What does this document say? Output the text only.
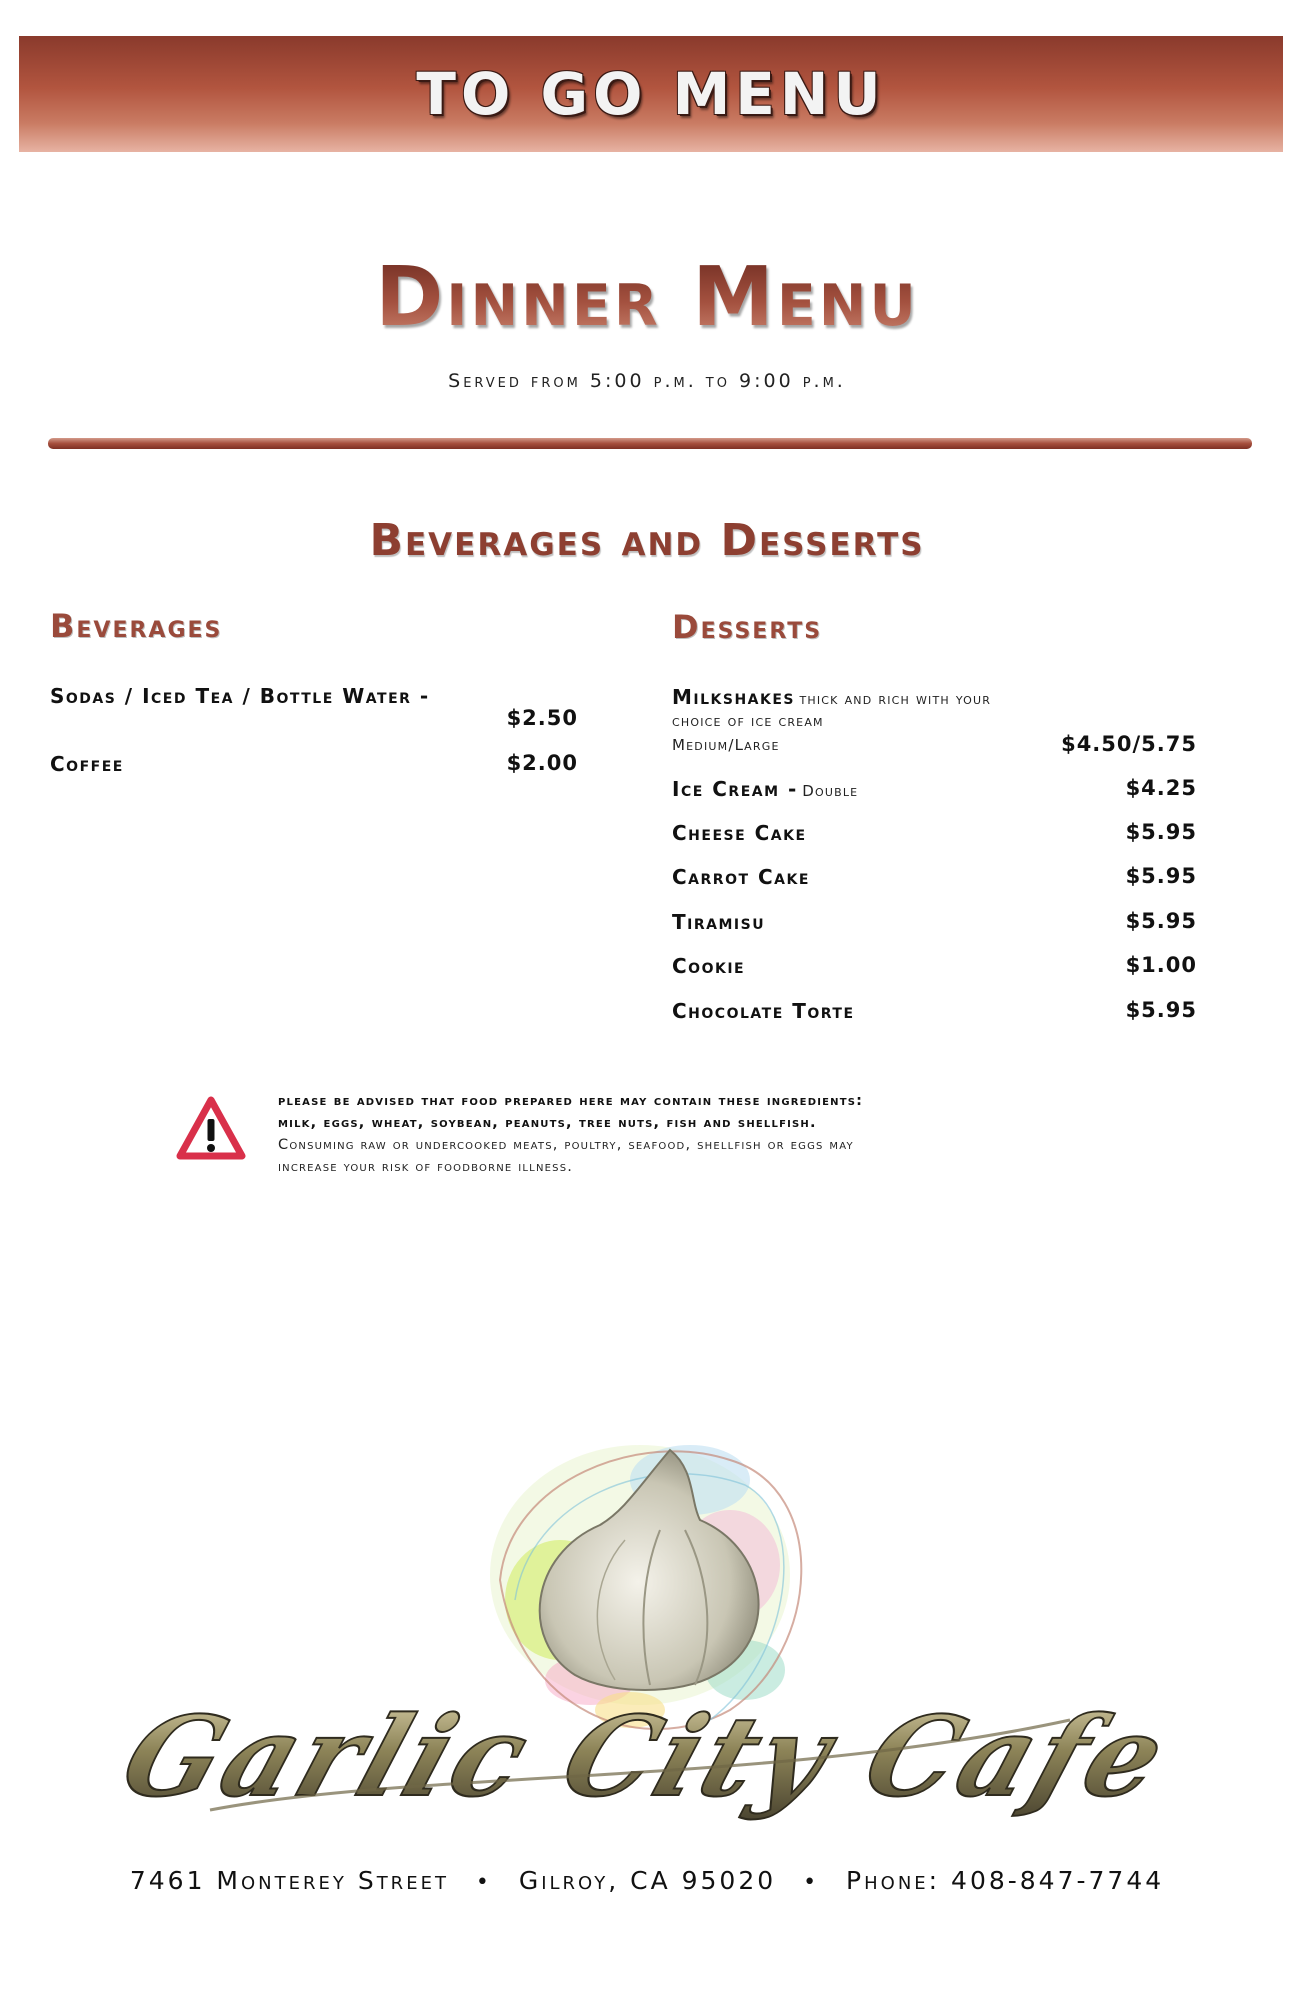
TO GO MENU
Dinner Menu
Served from 5:00 p.m. to 9:00 p.m.
Beverages and Desserts
Beverages
Sodas / Iced Tea / Bottle Water -
$2.50
Coffee	$2.00
Desserts
Milkshakes thick and rich with your
choice of ice cream
Medium/Large	$4.50/5.75
Ice Cream - Double	$4.25
Cheese Cake	$5.95
Carrot Cake	$5.95
Tiramisu	$5.95
Cookie	$1.00
Chocolate Torte	$5.95
please be advised that food prepared here may contain these ingredients:
milk, eggs, wheat, soybean, peanuts, tree nuts, fish and shellfish.
Consuming raw or undercooked meats, poultry, seafood, shellfish or eggs may
increase your risk of foodborne illness.
Garlic City Cafe
7461 Monterey Street • Gilroy, CA 95020 • Phone: 408-847-7744
